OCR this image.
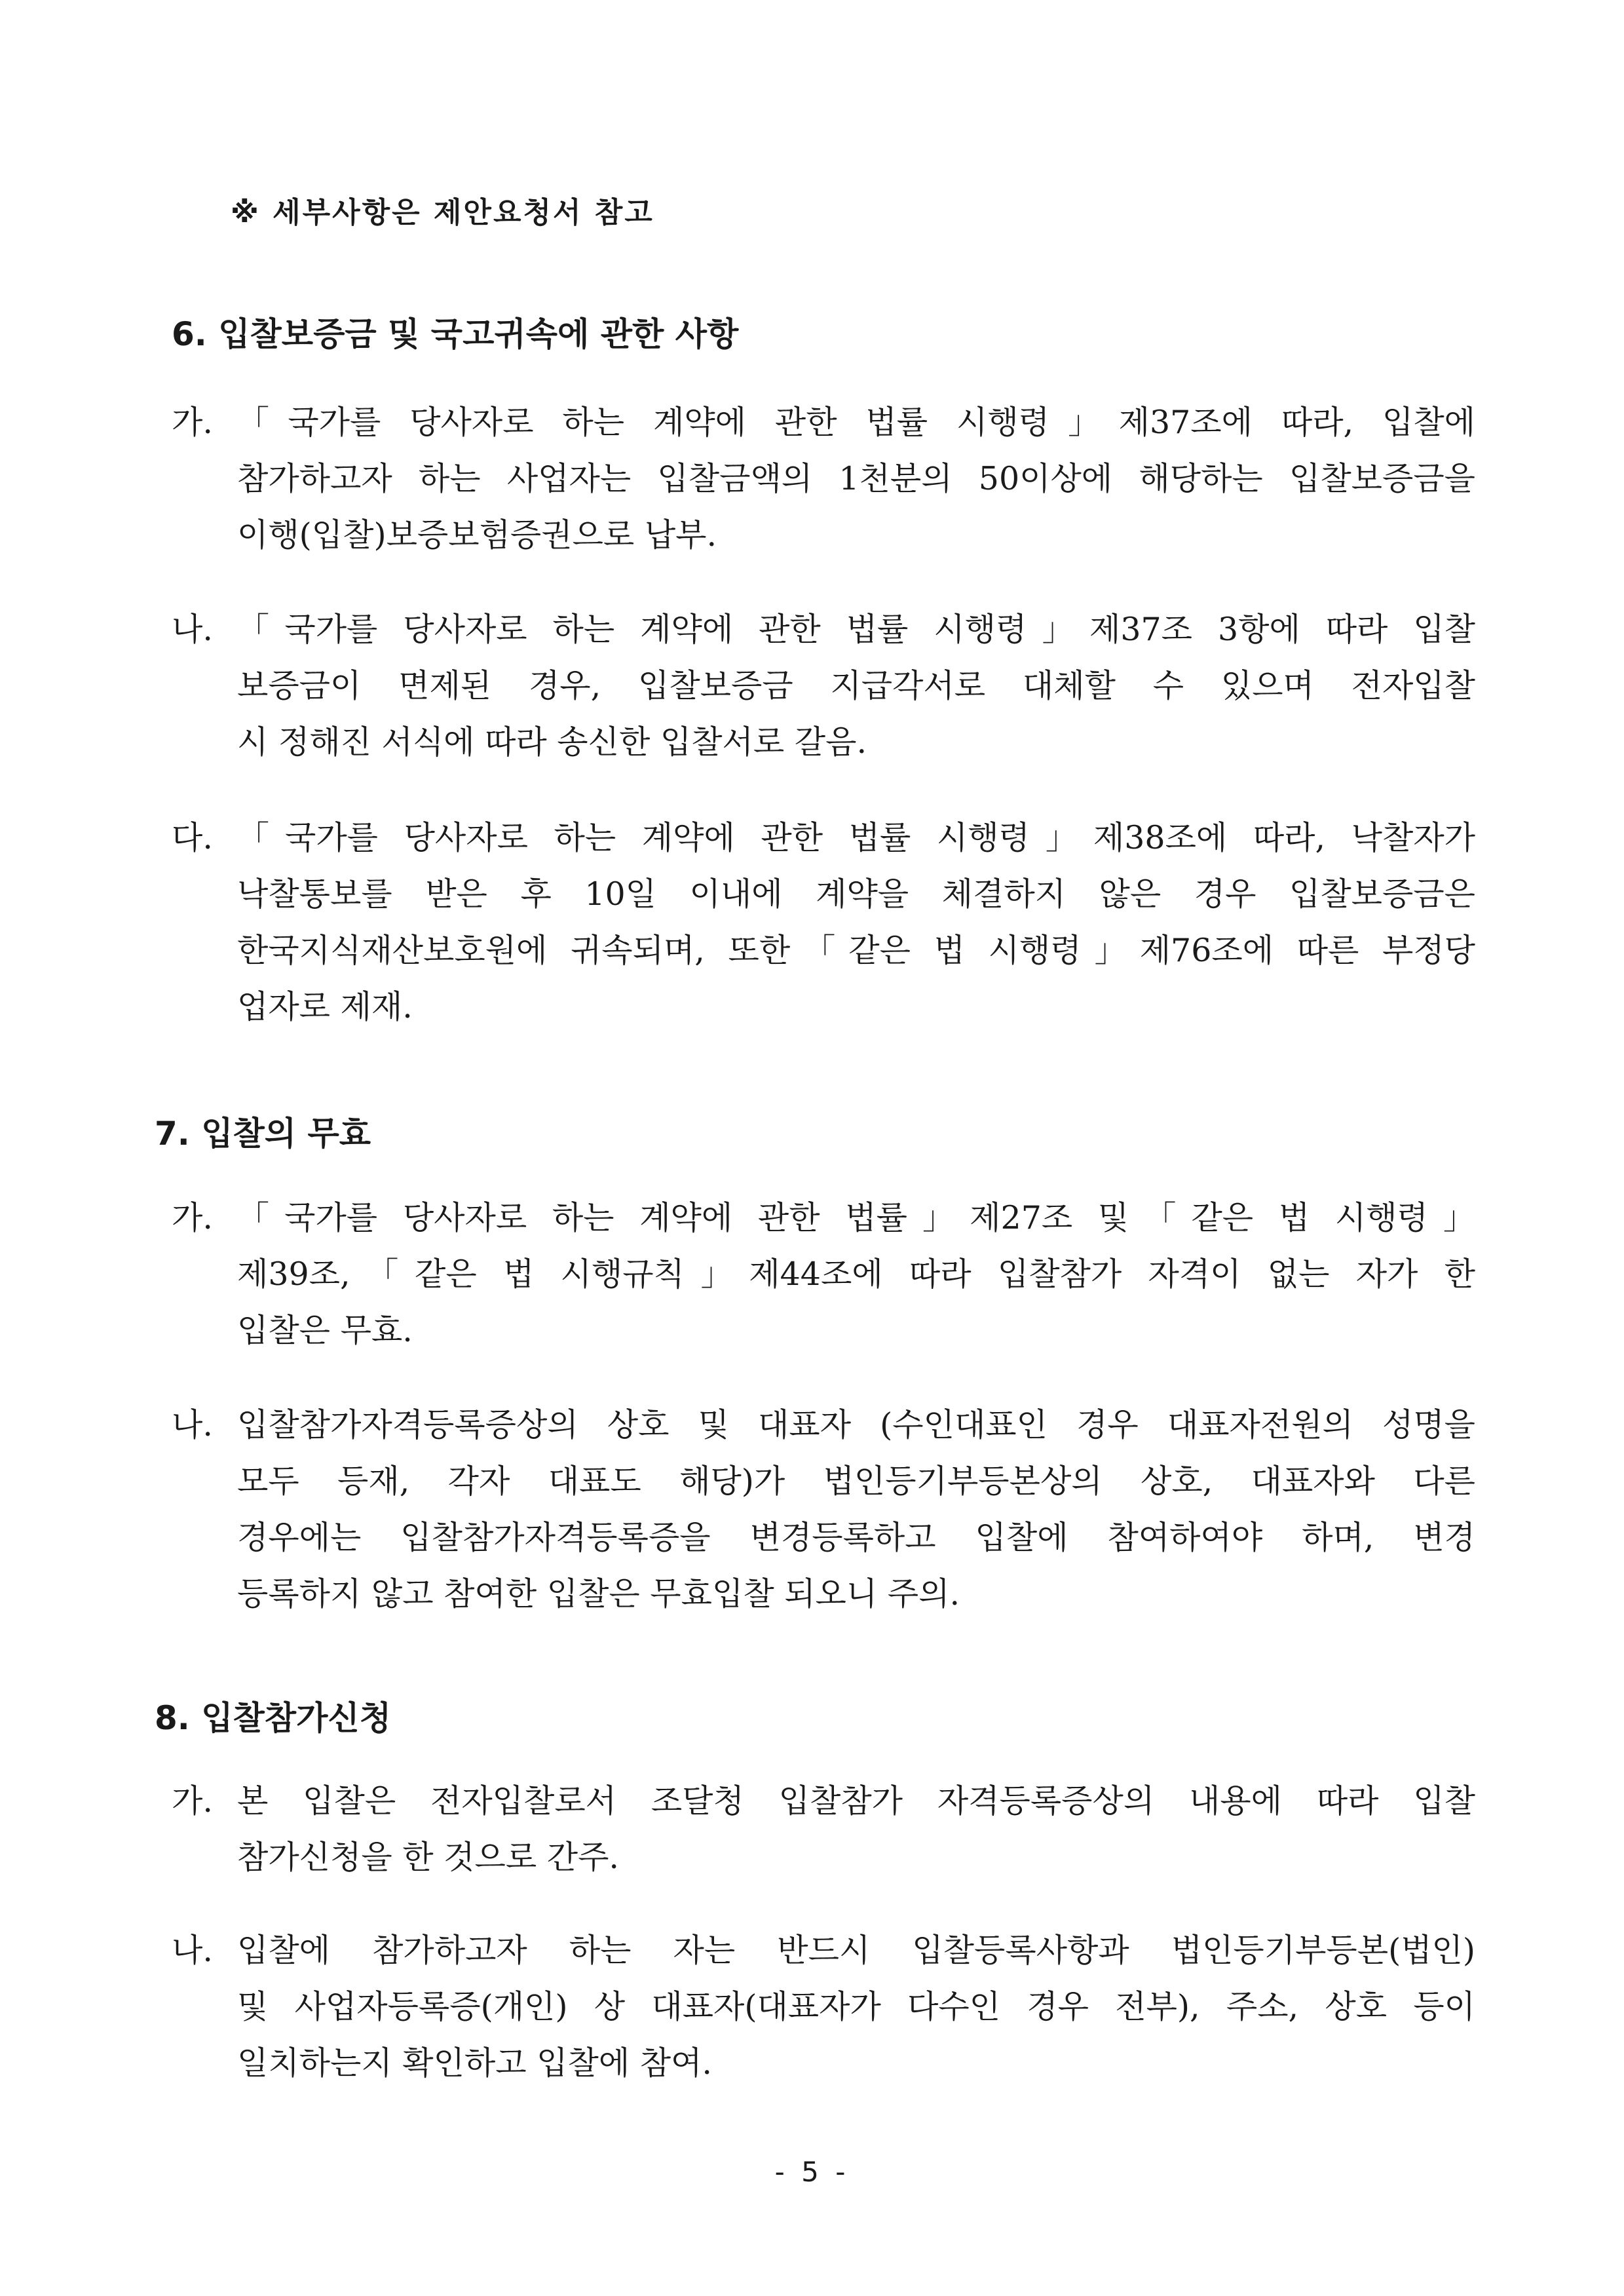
※ 세부사항은 제안요청서 참고
6. 입찰보증금 및 국고귀속에 관한 사항
가. 「국가를 당사자로 하는 계약에 관한 법률 시행령」제37조에 따라, 입찰에
참가하고자 하는 사업자는 입찰금액의 1천분의 50이상에 해당하는 입찰보증금을
이행(입찰)보증보험증권으로 납부.
나. 「국가를 당사자로 하는 계약에 관한 법률 시행령」제37조 3항에 따라 입찰
보증금이 면제된 경우, 입찰보증금 지급각서로 대체할 수 있으며 전자입찰
시 정해진 서식에 따라 송신한 입찰서로 갈음.
다. 「국가를 당사자로 하는 계약에 관한 법률 시행령」제38조에 따라, 낙찰자가
낙찰통보를 받은 후 10일 이내에 계약을 체결하지 않은 경우 입찰보증금은
한국지식재산보호원에 귀속되며, 또한「같은 법 시행령」제76조에 따른 부정당
업자로 제재.
7. 입찰의 무효
가. 「국가를 당사자로 하는 계약에 관한 법률」제27조 및「같은 법 시행령」
제39조,「같은 법 시행규칙」제44조에 따라 입찰참가 자격이 없는 자가 한
입찰은 무효.
나. 입찰참가자격등록증상의 상호 및 대표자 (수인대표인 경우 대표자전원의 성명을
모두 등재, 각자 대표도 해당)가 법인등기부등본상의 상호, 대표자와 다른
경우에는 입찰참가자격등록증을 변경등록하고 입찰에 참여하여야 하며, 변경
등록하지 않고 참여한 입찰은 무효입찰 되오니 주의.
8. 입찰참가신청
가. 본 입찰은 전자입찰로서 조달청 입찰참가 자격등록증상의 내용에 따라 입찰
참가신청을 한 것으로 간주.
나. 입찰에 참가하고자 하는 자는 반드시 입찰등록사항과 법인등기부등본(법인)
및 사업자등록증(개인) 상 대표자(대표자가 다수인 경우 전부), 주소, 상호 등이
일치하는지 확인하고 입찰에 참여.
- 5 -
